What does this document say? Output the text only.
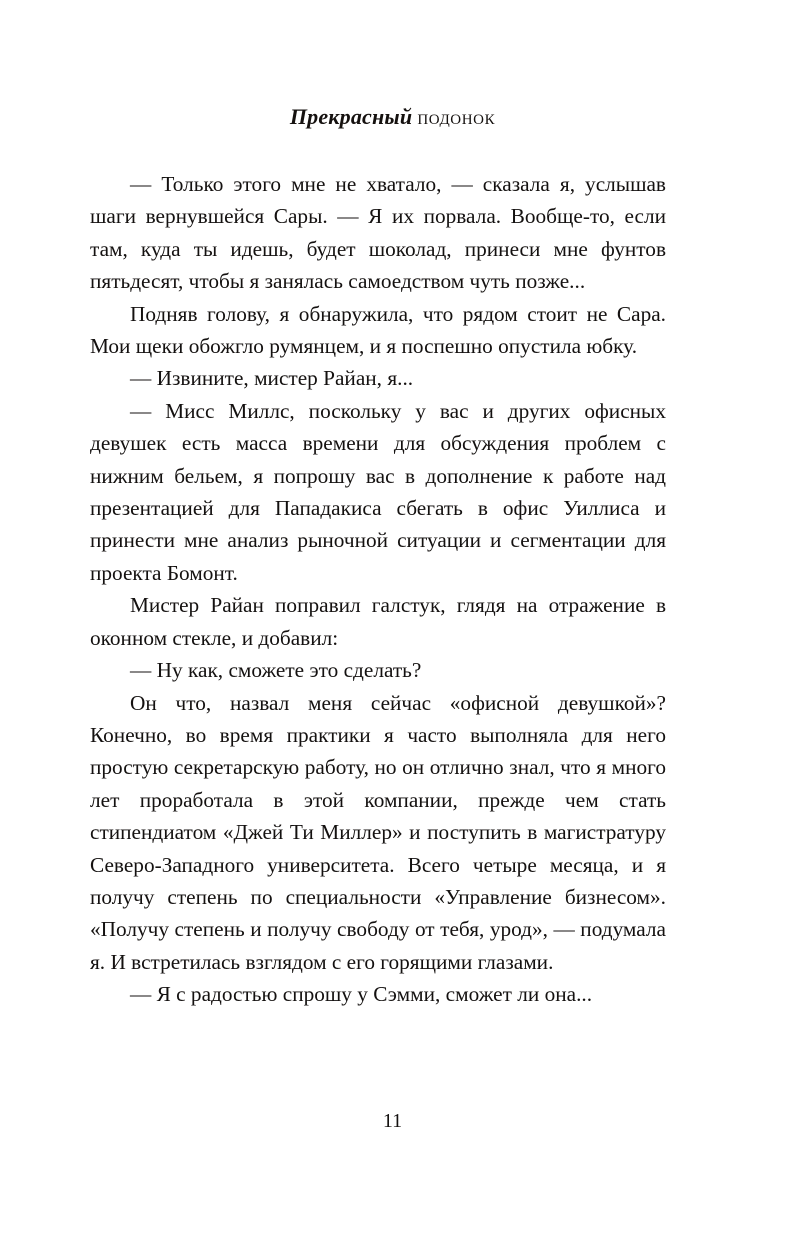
Прекрасный подонок

— Только этого мне не хватало, — сказала я, услышав шаги вернувшейся Сары. — Я их порвала. Вообще-то, если там, куда ты идешь, будет шоколад, принеси мне фунтов пятьдесят, чтобы я занялась самоедством чуть позже...

Подняв голову, я обнаружила, что рядом стоит не Сара. Мои щеки обожгло румянцем, и я поспешно опустила юбку.

— Извините, мистер Райан, я...

— Мисс Миллс, поскольку у вас и других офисных девушек есть масса времени для обсуждения проблем с нижним бельем, я попрошу вас в дополнение к работе над презентацией для Пападакиса сбегать в офис Уиллиса и принести мне анализ рыночной ситуации и сегментации для проекта Бомонт.

Мистер Райан поправил галстук, глядя на отражение в оконном стекле, и добавил:

— Ну как, сможете это сделать?

Он что, назвал меня сейчас «офисной девушкой»? Конечно, во время практики я часто выполняла для него простую секретарскую работу, но он отлично знал, что я много лет проработала в этой компании, прежде чем стать стипендиатом «Джей Ти Миллер» и поступить в магистратуру Северо-Западного университета. Всего четыре месяца, и я получу степень по специальности «Управление бизнесом». «Получу степень и получу свободу от тебя, урод», — подумала я. И встретилась взглядом с его горящими глазами.

— Я с радостью спрошу у Сэмми, сможет ли она...

11
